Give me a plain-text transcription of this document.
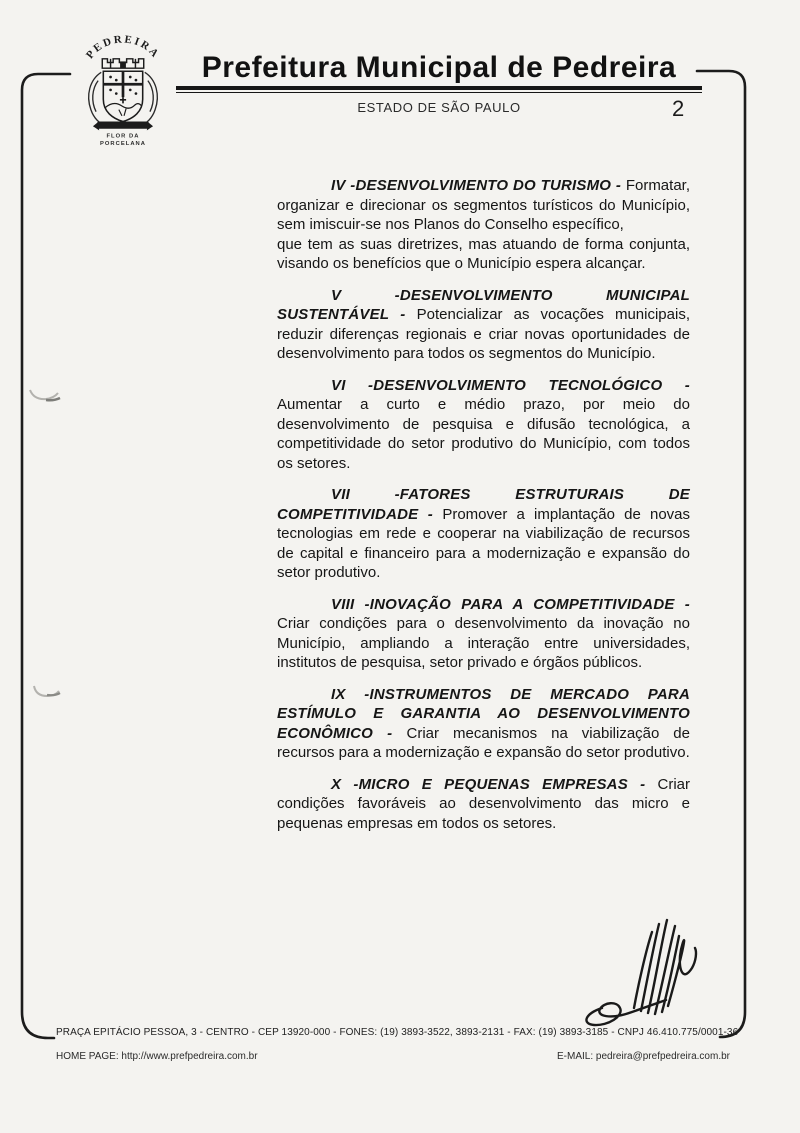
PEDREIRA
FLOR DA
PORCELANA
Prefeitura Municipal de Pedreira
ESTADO DE SÃO PAULO	2

IV -DESENVOLVIMENTO DO TURISMO - Formatar, organizar e direcionar os segmentos turísticos do Município, sem imiscuir-se nos Planos do Conselho específico,
que tem as suas diretrizes, mas atuando de forma conjunta, visando os benefícios que o Município espera alcançar.

V -DESENVOLVIMENTO MUNICIPAL SUSTENTÁVEL - Potencializar as vocações municipais, reduzir diferenças regionais e criar novas oportunidades de desenvolvimento para todos os segmentos do Município.

VI -DESENVOLVIMENTO TECNOLÓGICO - Aumentar a curto e médio prazo, por meio do desenvolvimento de pesquisa e difusão tecnológica, a competitividade do setor produtivo do Município, com todos os setores.

VII -FATORES ESTRUTURAIS DE COMPETITIVIDADE - Promover a implantação de novas tecnologias em rede e cooperar na viabilização de recursos de capital e financeiro para a modernização e expansão do setor produtivo.

VIII -INOVAÇÃO PARA A COMPETITIVIDADE - Criar condições para o desenvolvimento da inovação no Município, ampliando a interação entre universidades, institutos de pesquisa, setor privado e órgãos públicos.

IX -INSTRUMENTOS DE MERCADO PARA ESTÍMULO E GARANTIA AO DESENVOLVIMENTO ECONÔMICO - Criar mecanismos na viabilização de recursos para a modernização e expansão do setor produtivo.

X -MICRO E PEQUENAS EMPRESAS - Criar condições favoráveis ao desenvolvimento das micro e pequenas empresas em todos os setores.

PRAÇA EPITÁCIO PESSOA, 3 - CENTRO - CEP 13920-000 - FONES: (19) 3893-3522, 3893-2131 - FAX: (19) 3893-3185 - CNPJ 46.410.775/0001-36
HOME PAGE: http://www.prefpedreira.com.br	E-MAIL: pedreira@prefpedreira.com.br
